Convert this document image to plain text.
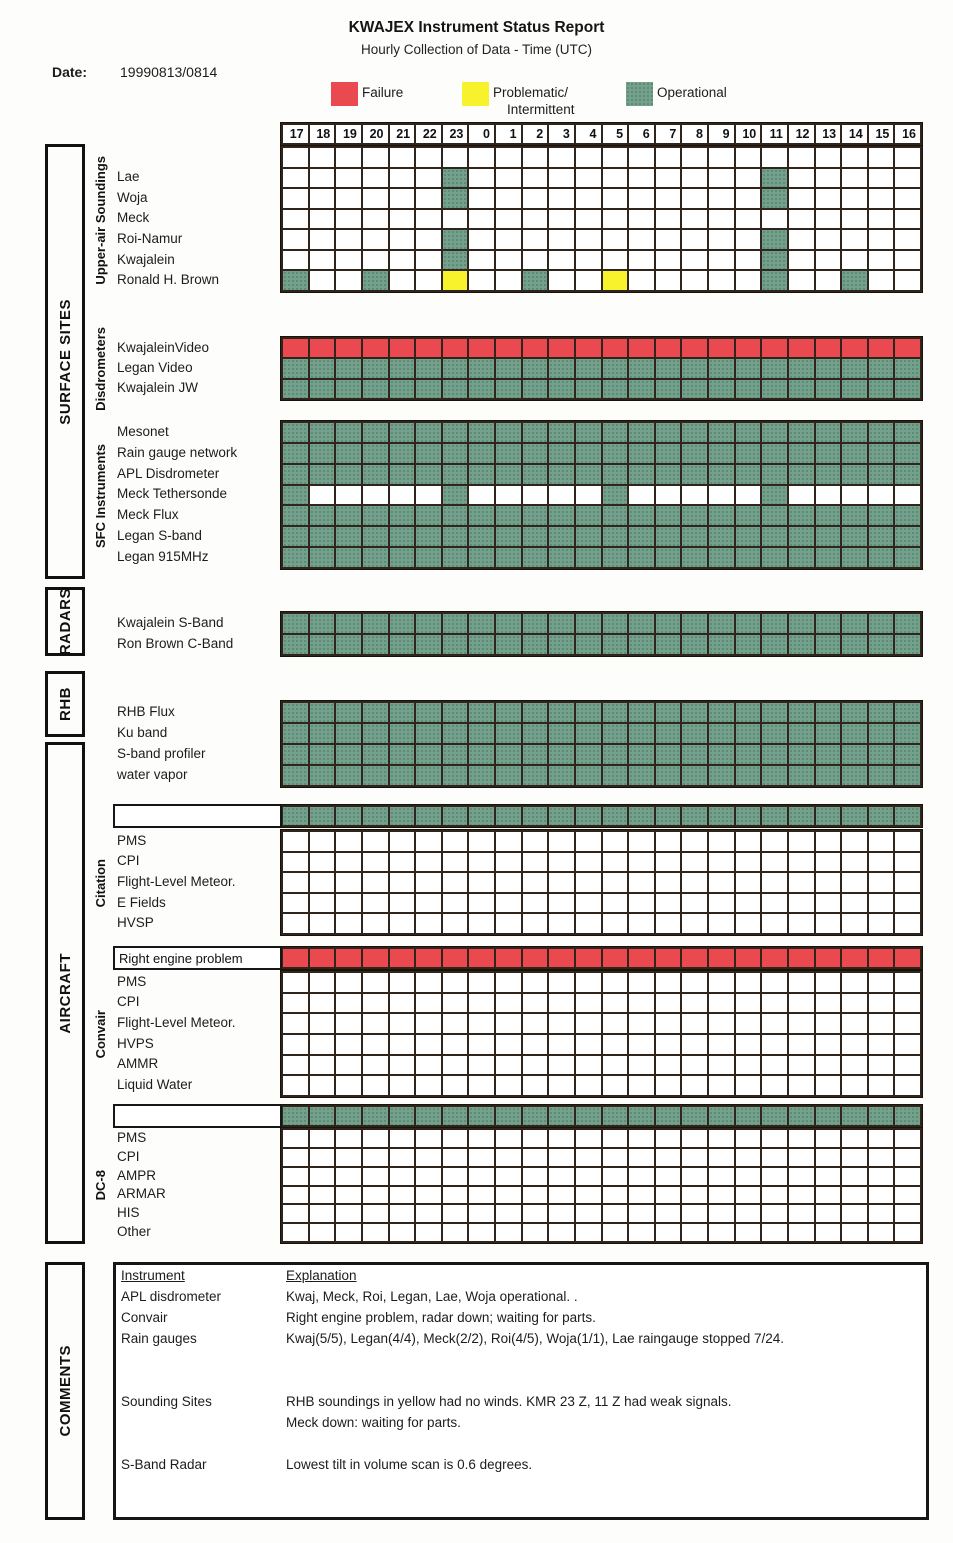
KWAJEX Instrument Status Report
Hourly Collection of Data - Time (UTC)
Date: 19990813/0814
Failure	Problematic/
Intermittent
Operational
17	18	19	20	21	22	23	0	1	2	3	4	5	6	7	8	9	10	11	12	13	14	15	16
Lae
Woja
Meck
Roi-Namur
Kwajalein
Ronald H. Brown
KwajaleinVideo
Legan Video
Kwajalein JW
Mesonet
Rain gauge network
APL Disdrometer
Meck Tethersonde
Meck Flux
Legan S-band
Legan 915MHz
Kwajalein S-Band
Ron Brown C-Band
RHB Flux
Ku band
S-band profiler
water vapor
PMS
CPI
Flight-Level Meteor.
E Fields
HVSP
Right engine problem
PMS
CPI
Flight-Level Meteor.
HVPS
AMMR
Liquid Water
PMS
CPI
AMPR
ARMAR
HIS
Other
SURFACE SITES
RADARS
RHB
AIRCRAFT
COMMENTS
Upper-air Soundings
Disdrometers
SFC Instruments
Citation
Convair
DC-8
Instrument	Explanation
APL disdrometer	Kwaj, Meck, Roi, Legan, Lae, Woja operational. .
Convair	Right engine problem, radar down; waiting for parts.
Rain gauges	Kwaj(5/5), Legan(4/4), Meck(2/2), Roi(4/5), Woja(1/1), Lae raingauge stopped 7/24.
Sounding Sites	RHB soundings in yellow had no winds. KMR 23 Z, 11 Z had weak signals.
Meck down: waiting for parts.
S-Band Radar	Lowest tilt in volume scan is 0.6 degrees.
